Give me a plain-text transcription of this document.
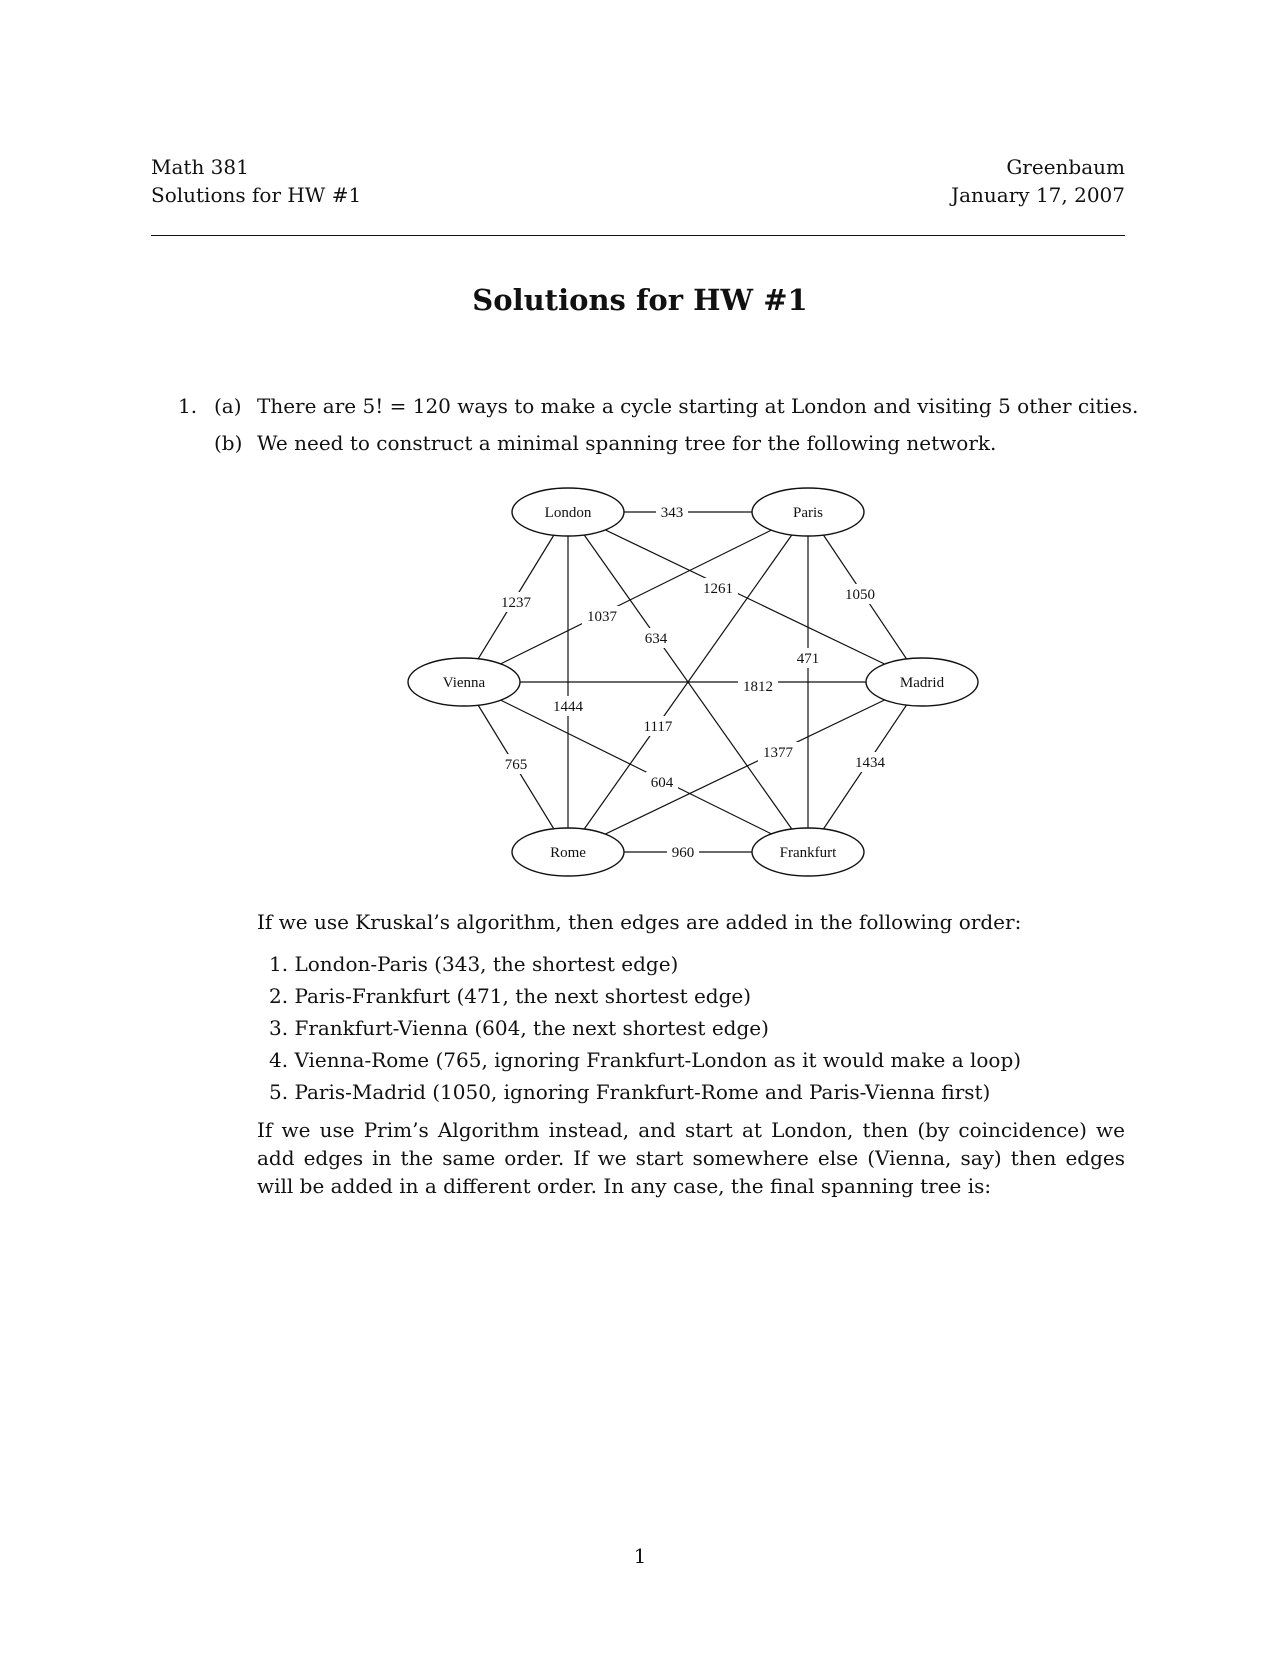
Math 381
Solutions for HW #1
Greenbaum
January 17, 2007
Solutions for HW #1
1. (a) There are 5! = 120 ways to make a cycle starting at London and visiting 5 other cities.
(b) We need to construct a minimal spanning tree for the following network.
343
1237
1261
634
1444
1037
1050
471
1117
1812
765
604
1377
1434
960
London	Paris
Vienna	Madrid
Rome	Frankfurt
If we use Kruskal’s algorithm, then edges are added in the following order:
1. London-Paris (343, the shortest edge)
2. Paris-Frankfurt (471, the next shortest edge)
3. Frankfurt-Vienna (604, the next shortest edge)
4. Vienna-Rome (765, ignoring Frankfurt-London as it would make a loop)
5. Paris-Madrid (1050, ignoring Frankfurt-Rome and Paris-Vienna first)
If we use Prim’s Algorithm instead, and start at London, then (by coincidence) we add edges in the same order. If we start somewhere else (Vienna, say) then edges will be added in a different order. In any case, the final spanning tree is:
1
